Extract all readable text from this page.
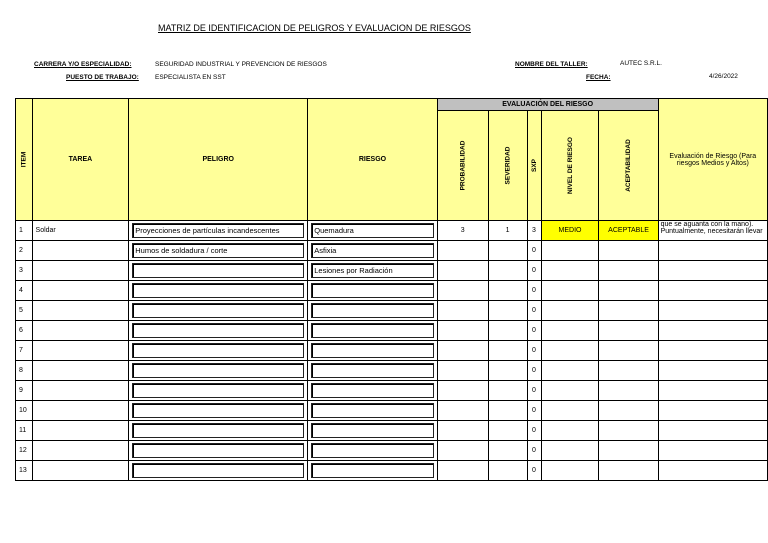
MATRIZ DE IDENTIFICACION DE PELIGROS Y EVALUACION DE RIESGOS
CARRERA Y/O ESPECIALIDAD:	SEGURIDAD INDUSTRIAL Y PREVENCION DE RIESGOS
PUESTO DE TRABAJO: ESPECIALISTA EN SST
NOMBRE DEL TALLER:	AUTEC S.R.L.
FECHA:	4/26/2022
ITEM	TAREA	PELIGRO	RIESGO	EVALUACIÓN DEL RIESGO					Evaluación de Riesgo (Para riesgos Medios y Altos)
				PROBABILIDAD	SEVERIDAD	SXP	NIVEL DE RIESGO	ACEPTABILIDAD	
1	Soldar	Proyecciones de partículas incandescentes	Quemadura	3	1	3	MEDIO	ACEPTABLE	que se aguanta con la mano). Puntualmente, necesitarán llevar
2		Humos de soldadura / corte	Asfixia			0			
3			Lesiones por Radiación			0			
4						0			
5						0			
6						0			
7						0			
8						0			
9						0			
10						0			
11						0			
12						0			
13						0			
